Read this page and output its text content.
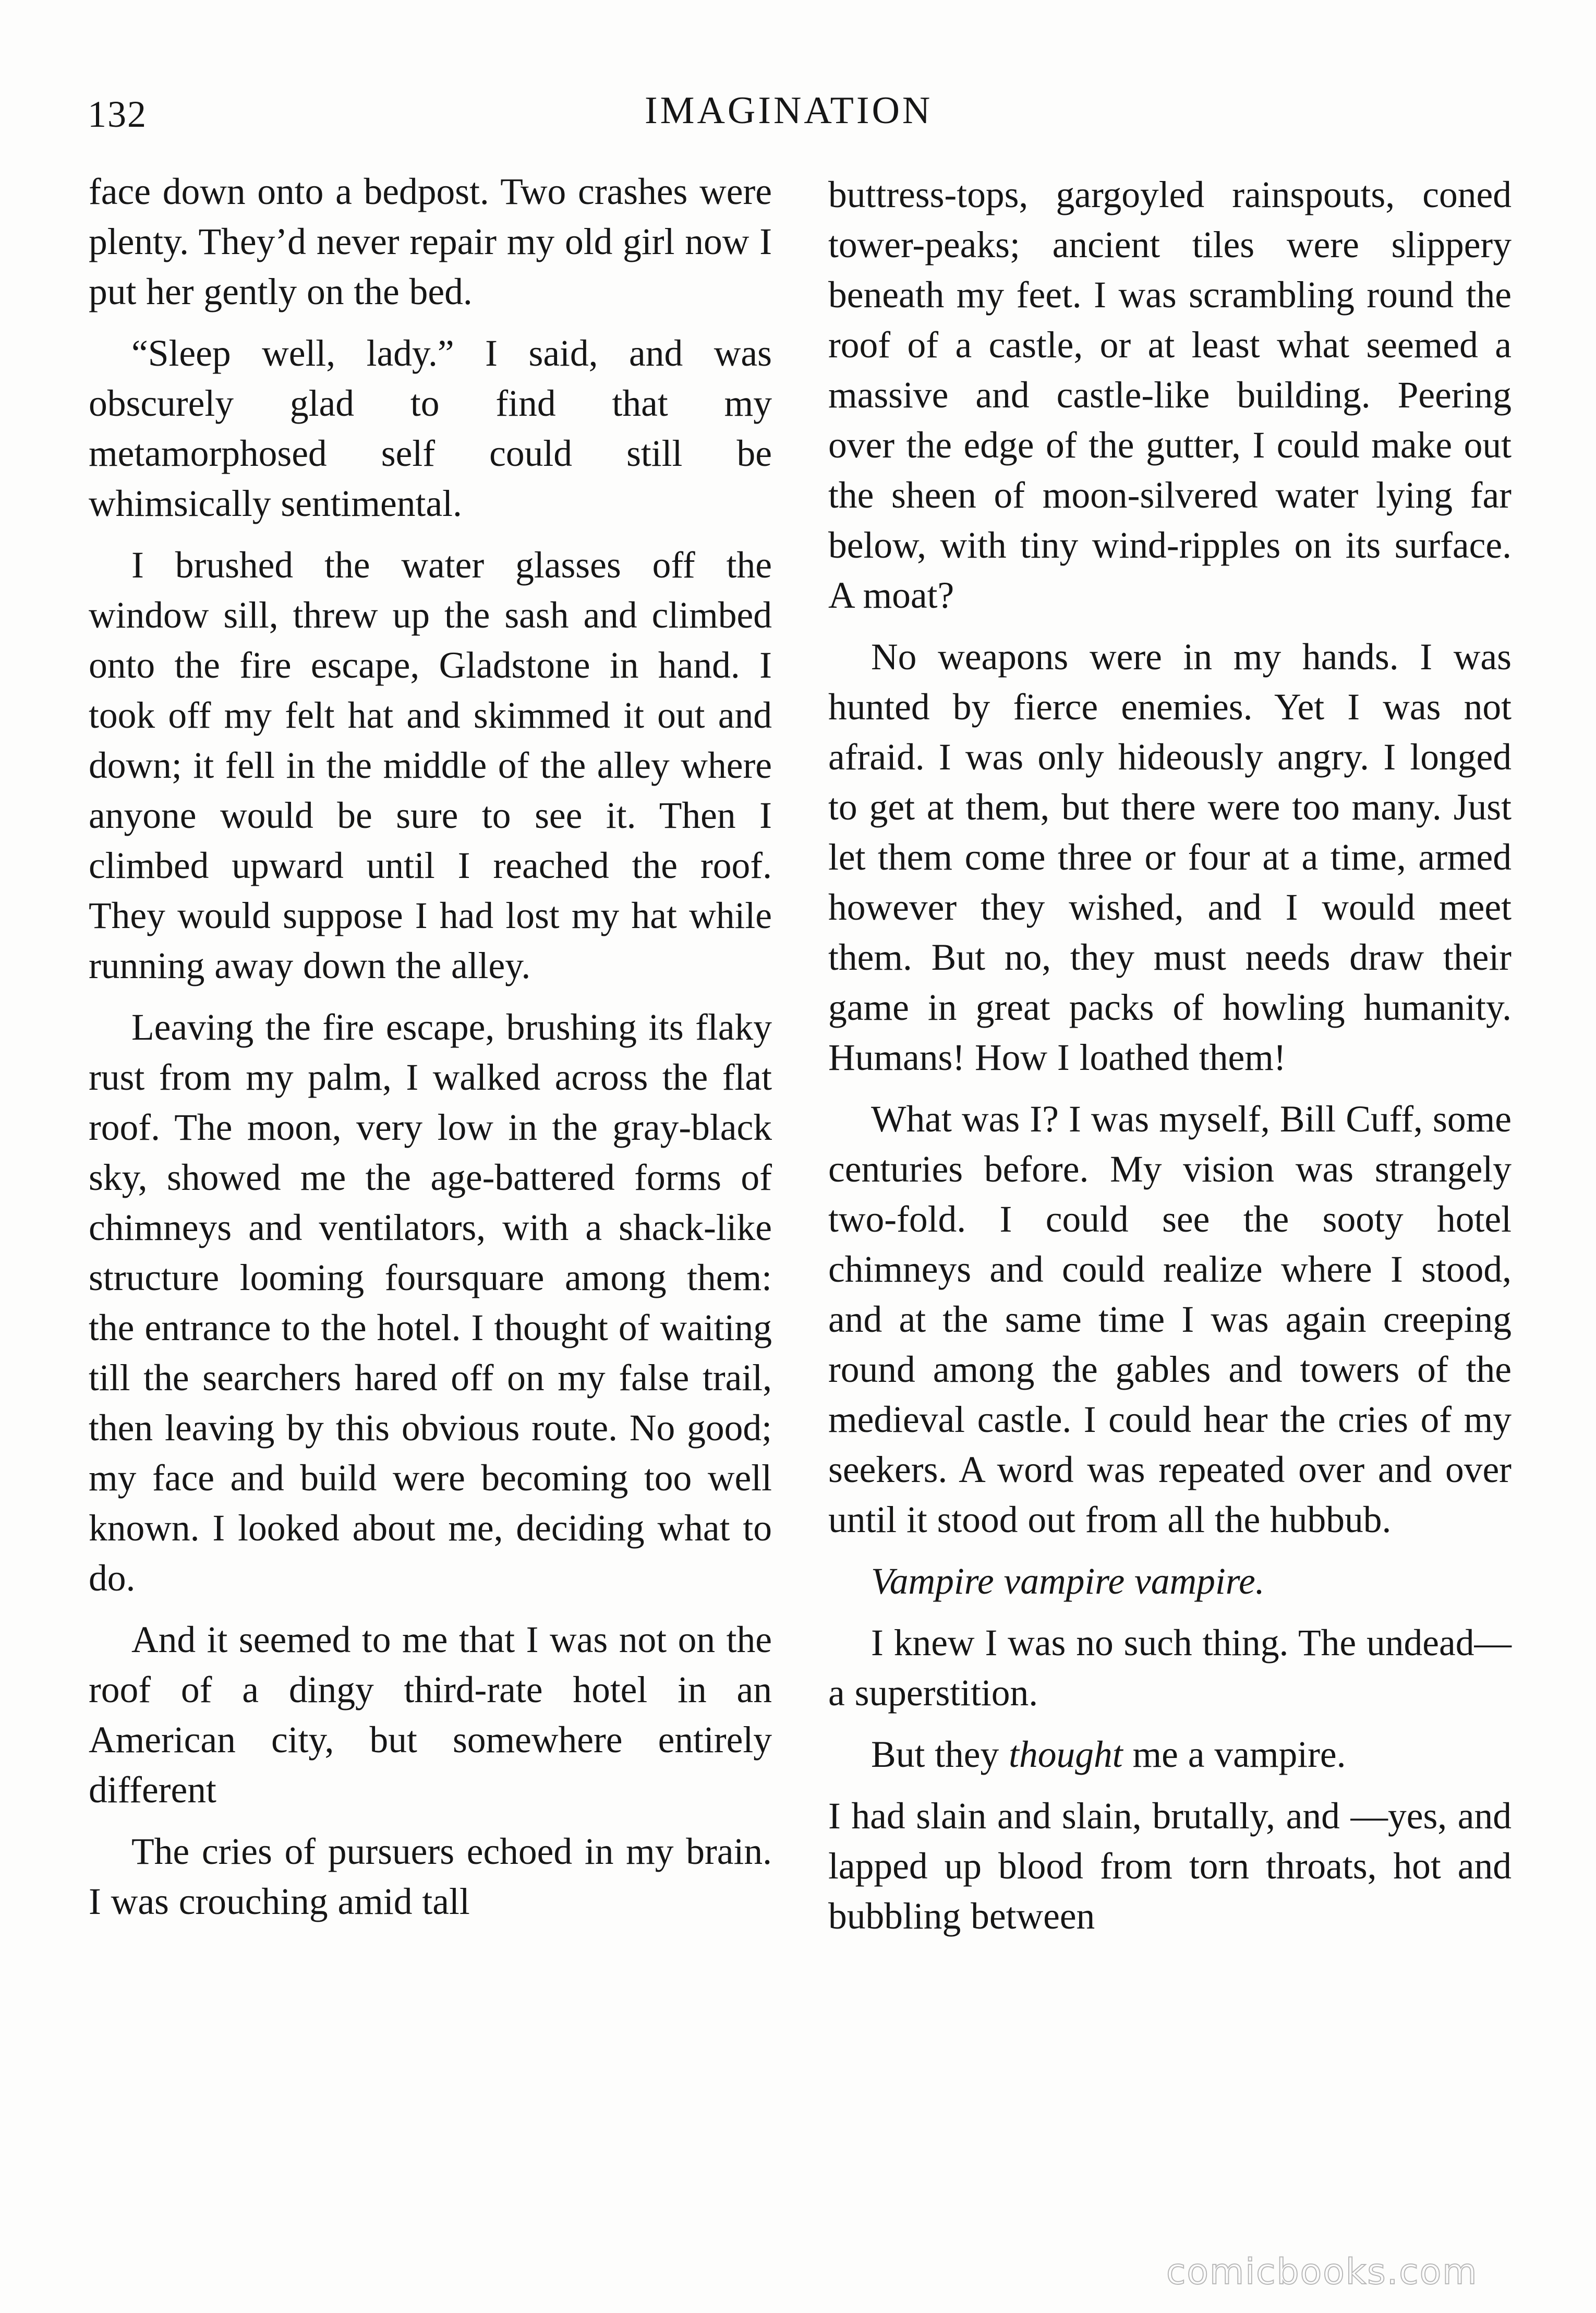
132	IMAGINATION

face down onto a bedpost. Two crashes were plenty. They’d never repair my old girl now I put her gently on the bed.

“Sleep well, lady.” I said, and was obscurely glad to find that my metamorphosed self could still be whimsically sentimental.

I brushed the water glasses off the window sill, threw up the sash and climbed onto the fire escape, Gladstone in hand. I took off my felt hat and skimmed it out and down; it fell in the middle of the alley where anyone would be sure to see it. Then I climbed upward until I reached the roof. They would suppose I had lost my hat while running away down the alley.

Leaving the fire escape, brushing its flaky rust from my palm, I walked across the flat roof. The moon, very low in the gray-black sky, showed me the age-battered forms of chimneys and ventilators, with a shack-like structure looming foursquare among them: the entrance to the hotel. I thought of waiting till the searchers hared off on my false trail, then leaving by this obvious route. No good; my face and build were becoming too well known. I looked about me, deciding what to do.

And it seemed to me that I was not on the roof of a dingy third-rate hotel in an American city, but somewhere entirely different

The cries of pursuers echoed in my brain. I was crouching amid tall

buttress-tops, gargoyled rainspouts, coned tower-peaks; ancient tiles were slippery beneath my feet. I was scrambling round the roof of a castle, or at least what seemed a massive and castle-like building. Peering over the edge of the gutter, I could make out the sheen of moon-silvered water lying far below, with tiny wind-ripples on its surface. A moat?

No weapons were in my hands. I was hunted by fierce enemies. Yet I was not afraid. I was only hideously angry. I longed to get at them, but there were too many. Just let them come three or four at a time, armed however they wished, and I would meet them. But no, they must needs draw their game in great packs of howling humanity. Humans! How I loathed them!

What was I? I was myself, Bill Cuff, some centuries before. My vision was strangely two-fold. I could see the sooty hotel chimneys and could realize where I stood, and at the same time I was again creeping round among the gables and towers of the medieval castle. I could hear the cries of my seekers. A word was repeated over and over until it stood out from all the hubbub.

Vampire vampire vampire.

I knew I was no such thing. The undead— a superstition.

But they thought me a vampire.

I had slain and slain, brutally, and —yes, and lapped up blood from torn throats, hot and bubbling between

comicbooks.com
